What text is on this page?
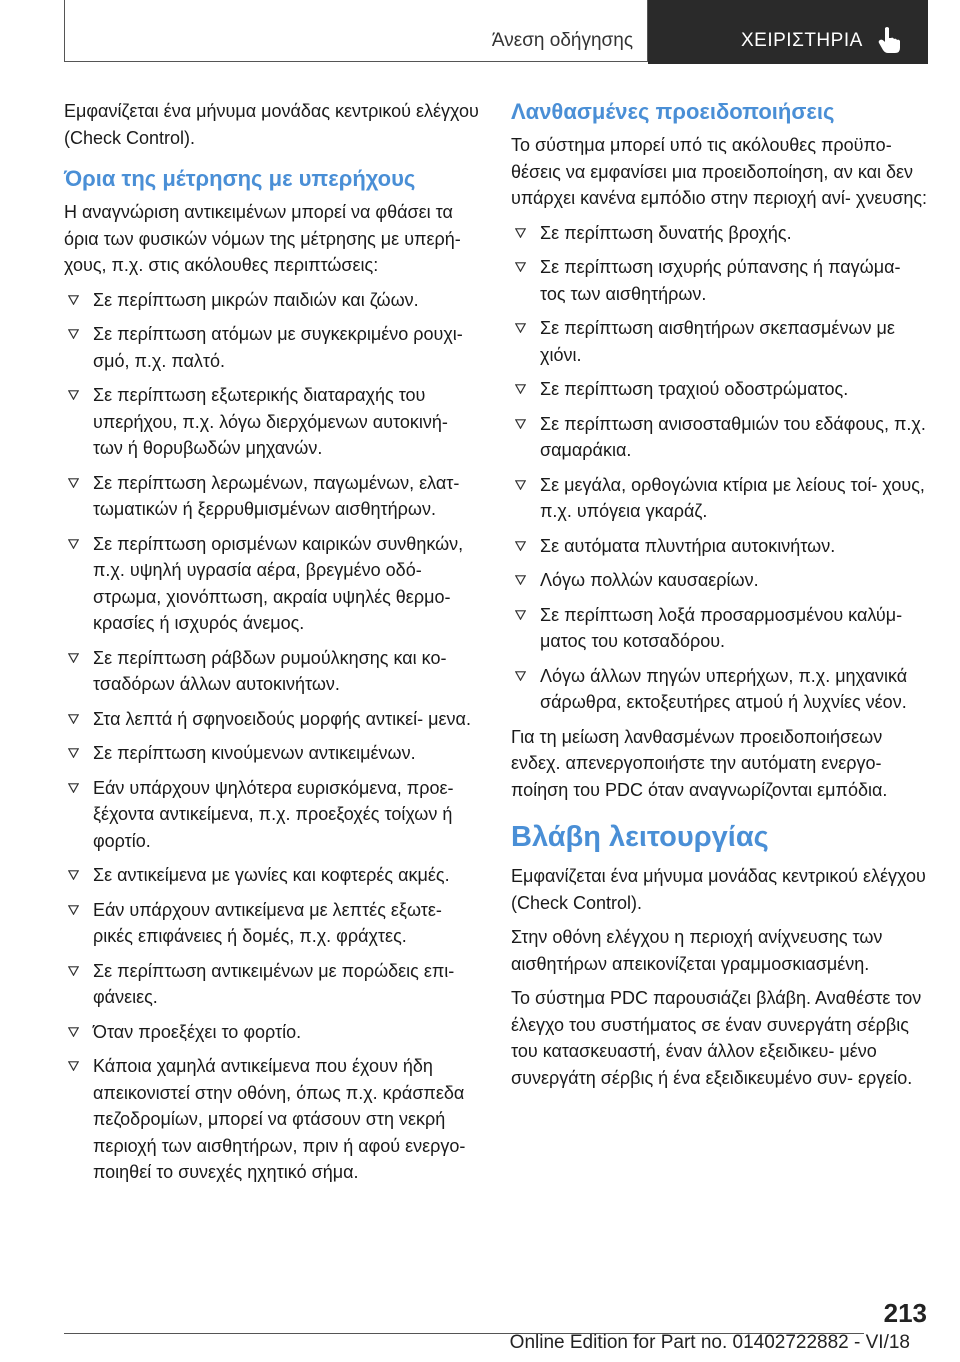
Άνεση οδήγησης	ΧΕΙΡΙΣΤΗΡΙΑ

Εμφανίζεται ένα μήνυμα μονάδας κεντρικού ελέγχου (Check Control).

Όρια της μέτρησης με υπερήχους

Η αναγνώριση αντικειμένων μπορεί να φθάσει τα όρια των φυσικών νόμων της μέτρησης με υπερή‐ χους, π.χ. στις ακόλουθες περιπτώσεις:

Σε περίπτωση μικρών παιδιών και ζώων.
Σε περίπτωση ατόμων με συγκεκριμένο ρουχι‐ σμό, π.χ. παλτό.
Σε περίπτωση εξωτερικής διαταραχής του υπερήχου, π.χ. λόγω διερχόμενων αυτοκινή‐ των ή θορυβωδών μηχανών.
Σε περίπτωση λερωμένων, παγωμένων, ελατ‐ τωματικών ή ξερρυθμισμένων αισθητήρων.
Σε περίπτωση ορισμένων καιρικών συνθηκών, π.χ. υψηλή υγρασία αέρα, βρεγμένο οδό‐ στρωμα, χιονόπτωση, ακραία υψηλές θερμο‐ κρασίες ή ισχυρός άνεμος.
Σε περίπτωση ράβδων ρυμούλκησης και κο‐ τσαδόρων άλλων αυτοκινήτων.
Στα λεπτά ή σφηνοειδούς μορφής αντικεί‐ μενα.
Σε περίπτωση κινούμενων αντικειμένων.
Εάν υπάρχουν ψηλότερα ευρισκόμενα, προε‐ ξέχοντα αντικείμενα, π.χ. προεξοχές τοίχων ή φορτίο.
Σε αντικείμενα με γωνίες και κοφτερές ακμές.
Εάν υπάρχουν αντικείμενα με λεπτές εξωτε‐ ρικές επιφάνειες ή δομές, π.χ. φράχτες.
Σε περίπτωση αντικειμένων με πορώδεις επι‐ φάνειες.
Όταν προεξέχει το φορτίο.
Κάποια χαμηλά αντικείμενα που έχουν ήδη απεικονιστεί στην οθόνη, όπως π.χ. κράσπεδα πεζοδρομίων, μπορεί να φτάσουν στη νεκρή περιοχή των αισθητήρων, πριν ή αφού ενεργο‐ ποιηθεί το συνεχές ηχητικό σήμα.
Λανθασμένες προειδοποιήσεις

Το σύστημα μπορεί υπό τις ακόλουθες προϋπο‐ θέσεις να εμφανίσει μια προειδοποίηση, αν και δεν υπάρχει κανένα εμπόδιο στην περιοχή ανί‐ χνευσης:

Σε περίπτωση δυνατής βροχής.
Σε περίπτωση ισχυρής ρύπανσης ή παγώμα‐ τος των αισθητήρων.
Σε περίπτωση αισθητήρων σκεπασμένων με χιόνι.
Σε περίπτωση τραχιού οδοστρώματος.
Σε περίπτωση ανισοσταθμιών του εδάφους, π.χ. σαμαράκια.
Σε μεγάλα, ορθογώνια κτίρια με λείους τοί‐ χους, π.χ. υπόγεια γκαράζ.
Σε αυτόματα πλυντήρια αυτοκινήτων.
Λόγω πολλών καυσαερίων.
Σε περίπτωση λοξά προσαρμοσμένου καλύμ‐ ματος του κοτσαδόρου.
Λόγω άλλων πηγών υπερήχων, π.χ. μηχανικά σάρωθρα, εκτοξευτήρες ατμού ή λυχνίες νέον.

Για τη μείωση λανθασμένων προειδοποιήσεων ενδεχ. απενεργοποιήστε την αυτόματη ενεργο‐ ποίηση του PDC όταν αναγνωρίζονται εμπόδια.

Βλάβη λειτουργίας

Εμφανίζεται ένα μήνυμα μονάδας κεντρικού ελέγχου (Check Control).

Στην οθόνη ελέγχου η περιοχή ανίχνευσης των αισθητήρων απεικονίζεται γραμμοσκιασμένη.

Το σύστημα PDC παρουσιάζει βλάβη. Αναθέστε τον έλεγχο του συστήματος σε έναν συνεργάτη σέρβις του κατασκευαστή, έναν άλλον εξειδικευ‐ μένο συνεργάτη σέρβις ή ένα εξειδικευμένο συν‐ εργείο.

213
Online Edition for Part no. 01402722882 - VI/18
